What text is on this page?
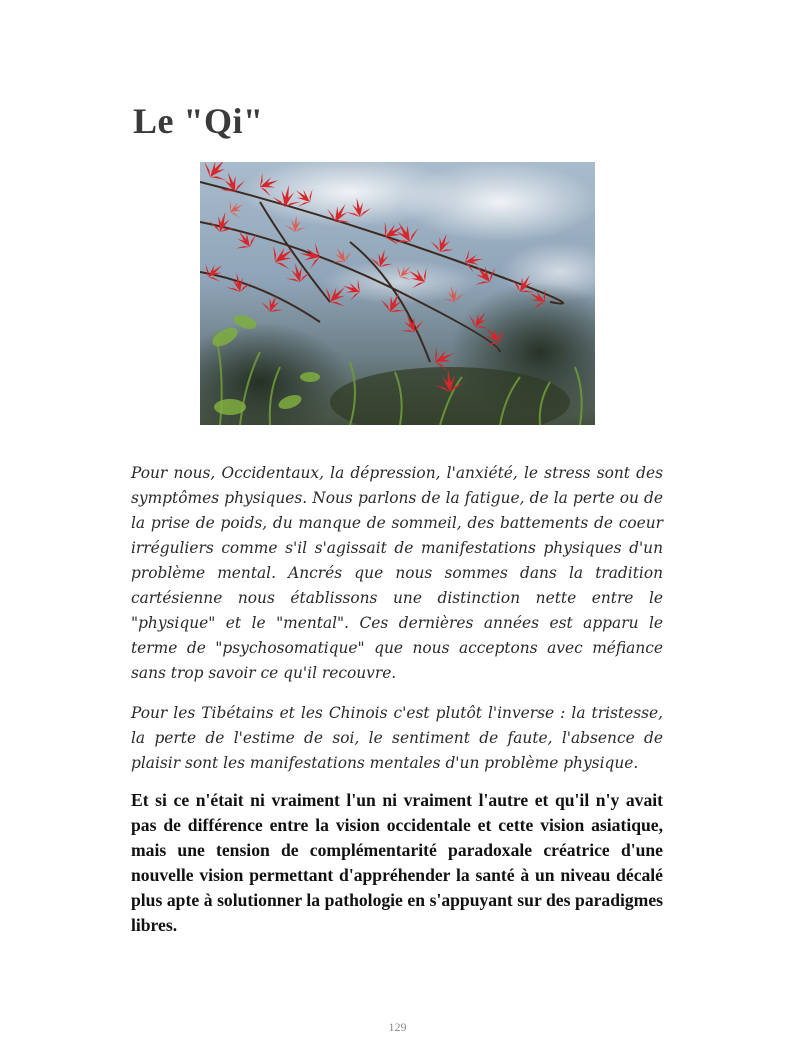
Le "Qi"

Pour nous, Occidentaux, la dépression, l'anxiété, le stress sont des symptômes physiques. Nous parlons de la fatigue, de la perte ou de la prise de poids, du manque de sommeil, des battements de coeur irréguliers comme s'il s'agissait de manifestations physiques d'un problème mental. Ancrés que nous sommes dans la tradition cartésienne nous établissons une distinction nette entre le "physique" et le "mental". Ces dernières années est apparu le terme de "psychosomatique" que nous acceptons avec méfiance sans trop savoir ce qu'il recouvre.

Pour les Tibétains et les Chinois c'est plutôt l'inverse : la tristesse, la perte de l'estime de soi, le sentiment de faute, l'absence de plaisir sont les manifestations mentales d'un problème physique.

Et si ce n'était ni vraiment l'un ni vraiment l'autre et qu'il n'y avait pas de différence entre la vision occidentale et cette vision asiatique, mais une tension de complémentarité paradoxale créatrice d'une nouvelle vision permettant d'appréhender la santé à un niveau décalé plus apte à solutionner la pathologie en s'appuyant sur des paradigmes libres.

129
